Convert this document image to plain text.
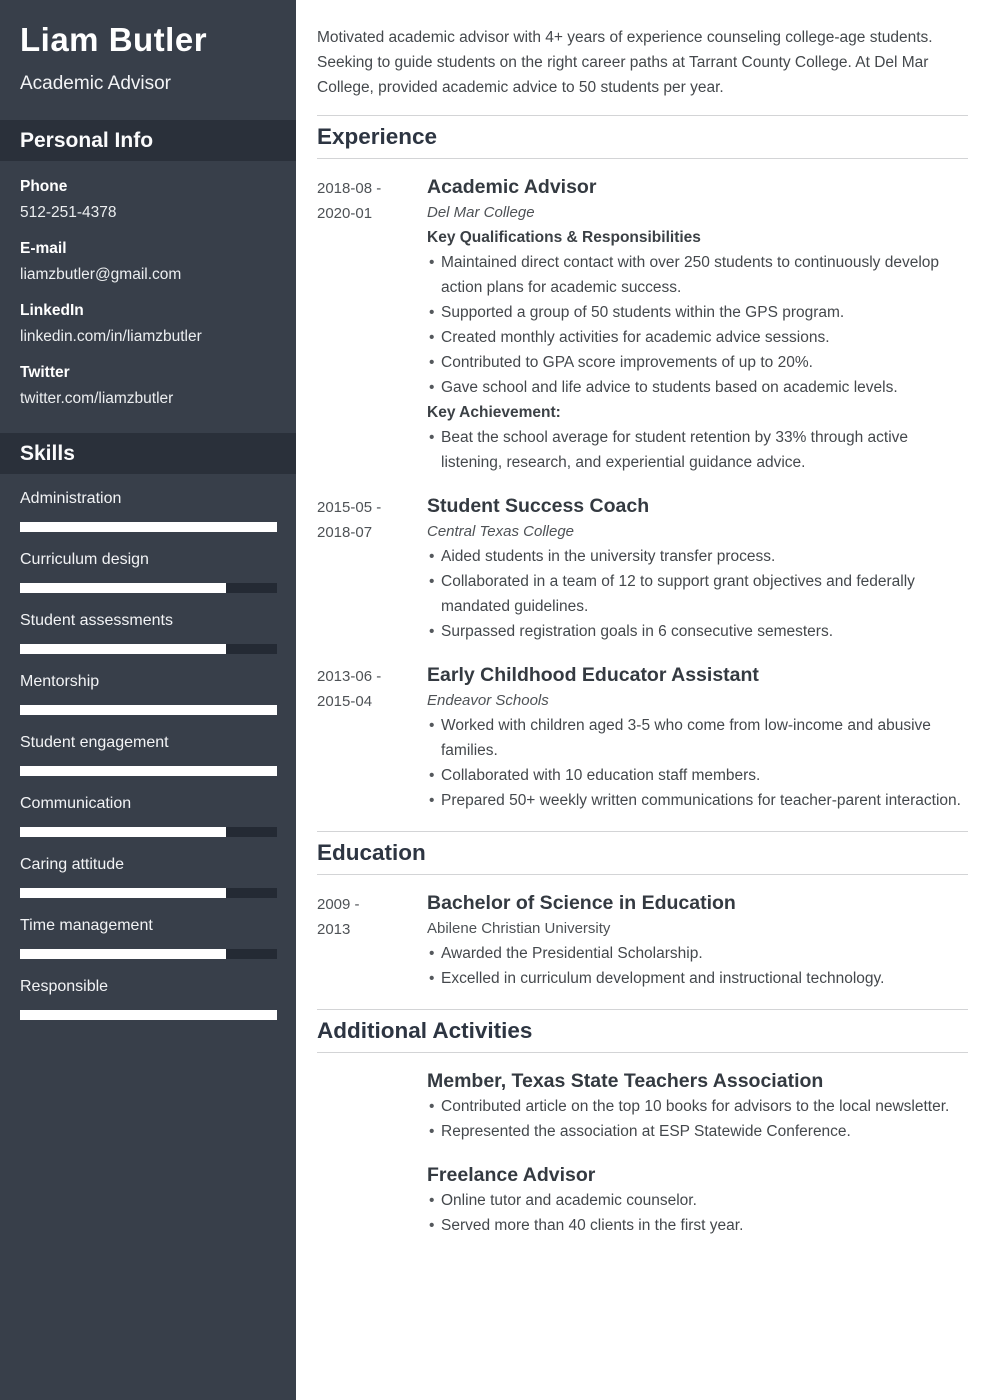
Liam Butler
Academic Advisor
Personal Info
Phone
512-251-4378
E-mail
liamzbutler@gmail.com
LinkedIn
linkedin.com/in/liamzbutler
Twitter
twitter.com/liamzbutler
Skills
Administration
Curriculum design
Student assessments
Mentorship
Student engagement
Communication
Caring attitude
Time management
Responsible

Motivated academic advisor with 4+ years of experience counseling college-age students. Seeking to guide students on the right career paths at Tarrant County College. At Del Mar College, provided academic advice to 50 students per year.

Experience
2018-08 -
2020-01
Academic Advisor
Del Mar College
Key Qualifications & Responsibilities
• Maintained direct contact with over 250 students to continuously develop action plans for academic success.
• Supported a group of 50 students within the GPS program.
• Created monthly activities for academic advice sessions.
• Contributed to GPA score improvements of up to 20%.
• Gave school and life advice to students based on academic levels.
Key Achievement:
• Beat the school average for student retention by 33% through active listening, research, and experiential guidance advice.
2015-05 -
2018-07
Student Success Coach
Central Texas College
• Aided students in the university transfer process.
• Collaborated in a team of 12 to support grant objectives and federally mandated guidelines.
• Surpassed registration goals in 6 consecutive semesters.
2013-06 -
2015-04
Early Childhood Educator Assistant
Endeavor Schools
• Worked with children aged 3-5 who come from low-income and abusive families.
• Collaborated with 10 education staff members.
• Prepared 50+ weekly written communications for teacher-parent interaction.
Education
2009 -
2013
Bachelor of Science in Education
Abilene Christian University
• Awarded the Presidential Scholarship.
• Excelled in curriculum development and instructional technology.
Additional Activities
Member, Texas State Teachers Association
• Contributed article on the top 10 books for advisors to the local newsletter.
• Represented the association at ESP Statewide Conference.
Freelance Advisor
• Online tutor and academic counselor.
• Served more than 40 clients in the first year.
